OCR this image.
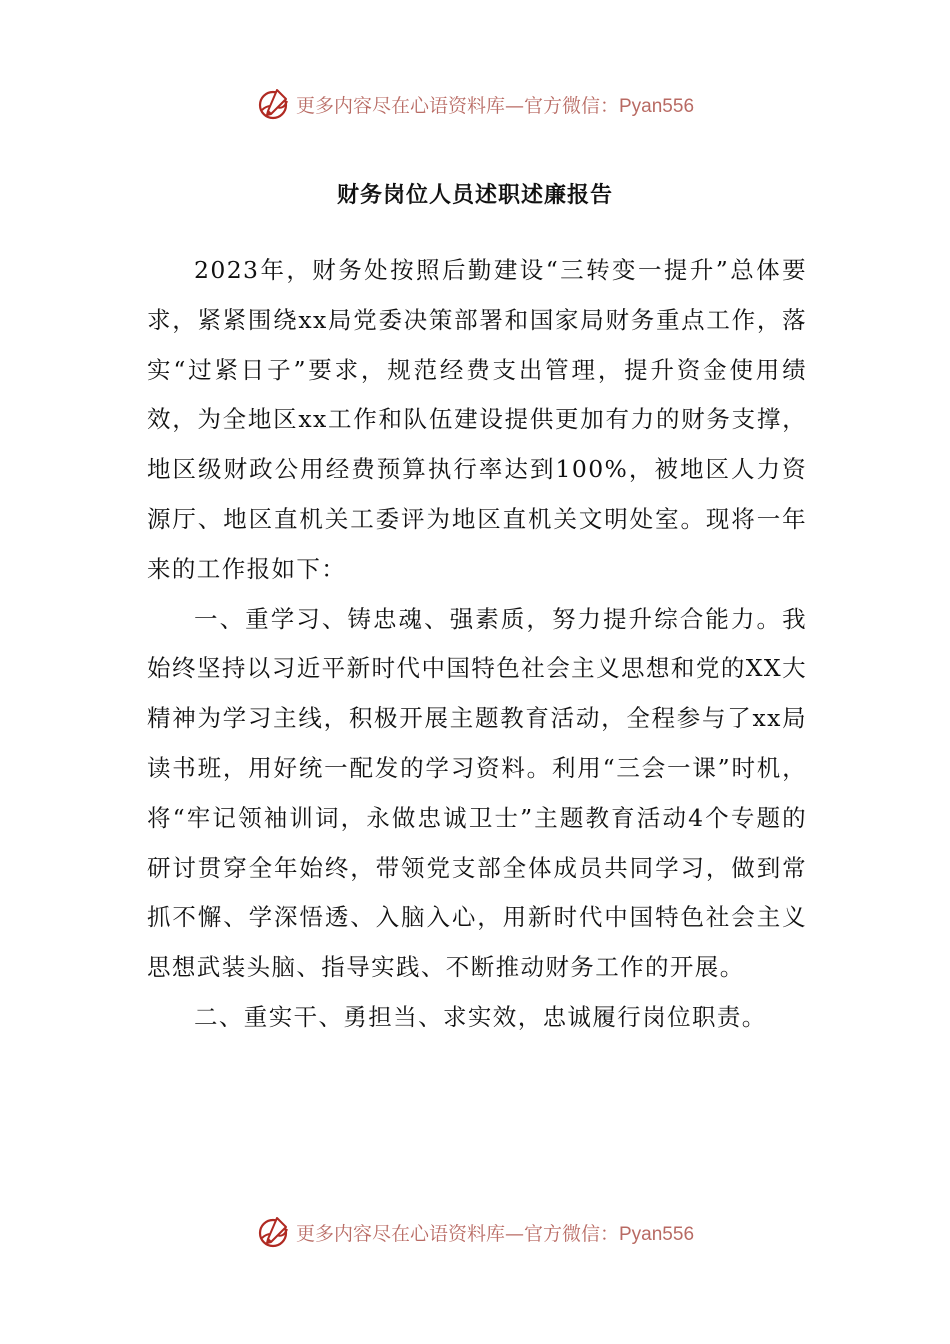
更多内容尽在心语资料库— 官方微信：Pyan556
财务岗位人员述职述廉报告

2023年，财务处按照后勤建设“三转变一提升”总体要求，紧紧围绕xx局党委决策部署和国家局财务重点工作，落实“过紧日子”要求，规范经费支出管理，提升资金使用绩效，为全地区xx工作和队伍建设提供更加有力的财务支撑，地区级财政公用经费预算执行率达到100%，被地区人力资源厅、地区直机关工委评为地区直机关文明处室。现将一年来的工作报如下：

一、重学习、铸忠魂、强素质，努力提升综合能力。我始终坚持以习近平新时代中国特色社会主义思想和党的XX大精神为学习主线，积极开展主题教育活动，全程参与了xx局读书班，用好统一配发的学习资料。利用“三会一课”时机，将“牢记领袖训词，永做忠诚卫士”主题教育活动4个专题的研讨贯穿全年始终，带领党支部全体成员共同学习，做到常抓不懈、学深悟透、入脑入心，用新时代中国特色社会主义思想武装头脑、指导实践、不断推动财务工作的开展。

二、重实干、勇担当、求实效，忠诚履行岗位职责。

更多内容尽在心语资料库— 官方微信：Pyan556
